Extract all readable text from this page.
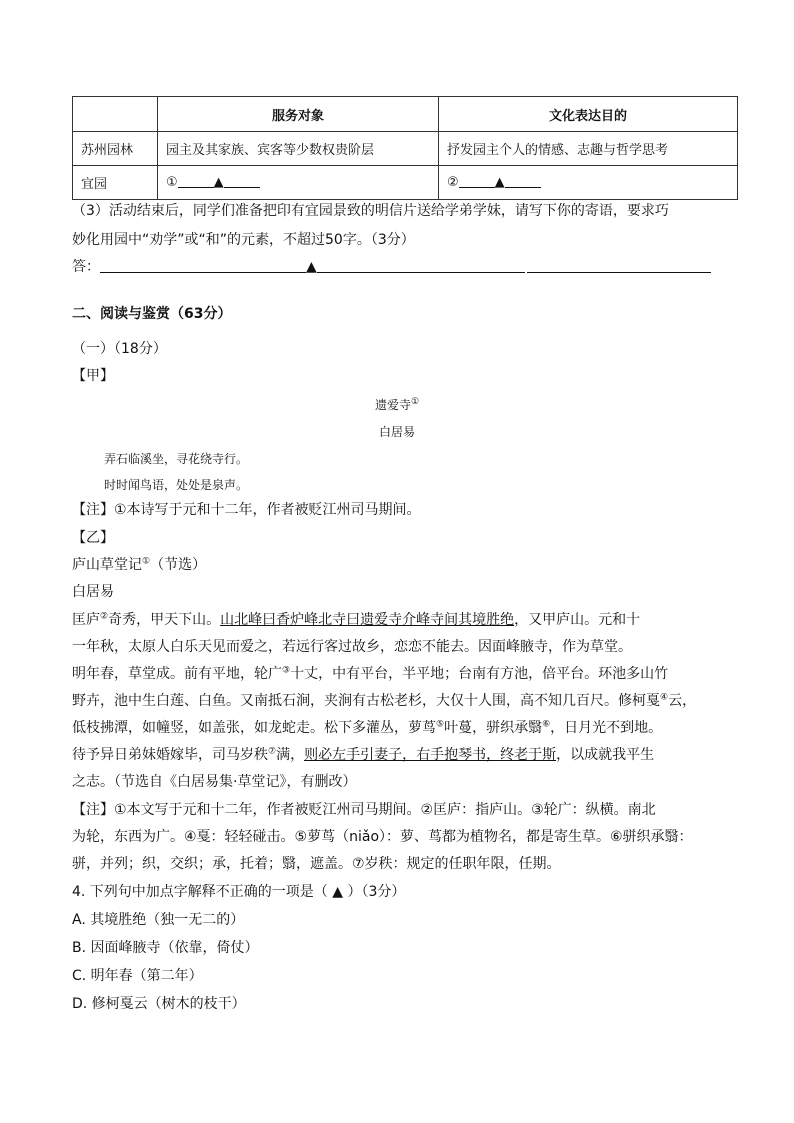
	服务对象	文化表达目的
苏州园林	园主及其家族、宾客等少数权贵阶层	抒发园主个人的情感、志趣与哲学思考
宜园	① ▲	② ▲
（3）活动结束后，同学们准备把印有宜园景致的明信片送给学弟学妹，请写下你的寄语，要求巧
妙化用园中“劝学”或“和”的元素，不超过50字。（3分）
答：	▲
二、阅读与鉴赏（63分）
（一）（18分）
【甲】
遗爱寺①
白居易
弄石临溪坐，寻花绕寺行。
时时闻鸟语，处处是泉声。
【注】①本诗写于元和十二年，作者被贬江州司马期间。
【乙】
庐山草堂记①（节选）
白居易
匡庐②奇秀，甲天下山。山北峰曰香炉峰北寺曰遗爱寺介峰寺间其境胜绝，又甲庐山。元和十
一年秋，太原人白乐天见而爱之，若远行客过故乡，恋恋不能去。因面峰腋寺，作为草堂。
明年春，草堂成。前有平地，轮广③十丈，中有平台，半平地；台南有方池，倍平台。环池多山竹
野卉，池中生白莲、白鱼。又南抵石涧，夹涧有古松老杉，大仅十人围，高不知几百尺。修柯戛④云，
低枝拂潭，如幢竖，如盖张，如龙蛇走。松下多灌丛，萝茑⑤叶蔓，骈织承翳⑥，日月光不到地。
待予异日弟妹婚嫁毕，司马岁秩⑦满，则必左手引妻子，右手抱琴书，终老于斯，以成就我平生
之志。（节选自《白居易集·草堂记》，有删改）
【注】①本文写于元和十二年，作者被贬江州司马期间。②匡庐：指庐山。③轮广：纵横。南北
为轮，东西为广。④戛：轻轻碰击。⑤萝茑（niǎo）：萝、茑都为植物名，都是寄生草。⑥骈织承翳：
骈，并列；织，交织；承，托着；翳，遮盖。⑦岁秩：规定的任职年限，任期。
4. 下列句中加点字解释不正确的一项是（ ▲ ）（3分）
A. 其境胜绝（独一无二的）
B. 因面峰腋寺（依靠，倚仗）
C. 明年春（第二年）
D. 修柯戛云（树木的枝干）
